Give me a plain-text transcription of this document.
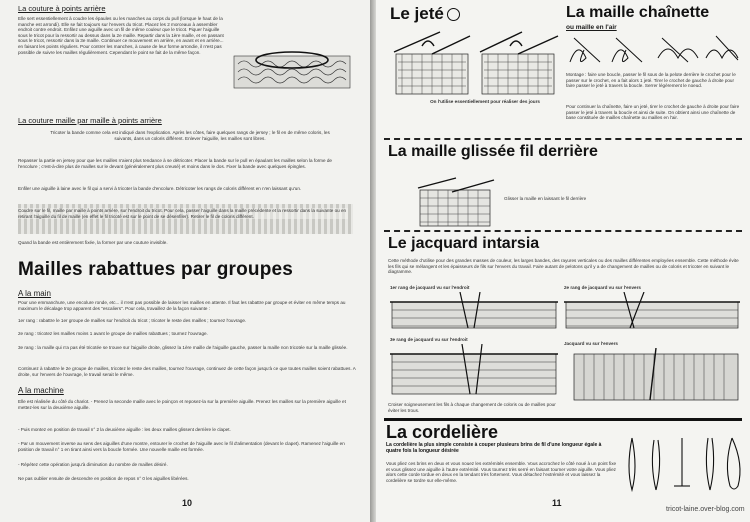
La couture à points arrière
Elle sert essentiellement à coudre les épaules ou les manches au corps du pull (lorsque le haut de la manche est arrondi). Elle se fait toujours sur l'envers du tricot. Placez les 2 morceaux à assembler endroit contre endroit. Enfilez une aiguille avec un fil de même couleur que le tricot. Piquer l'aiguille sous le tricot pour la ressortir au dessus dans la 2e maille. Repartir dans la 1ère maille, et en passant sous le tricot, ressortir dans la 3e maille. Continuer ce mouvement en arrière, en avant et en arrière... en faisant les points réguliers. Pour contrer les manches, à cause de leur forme arrondie, il n'est pas possible de suivre les mailles régulièrement. Cependant le point se fait de la même façon.
La couture maille par maille à points arrière
Tricoter la bande comme cela est indiqué dans l'explication. Après les côtes, faire quelques rangs de jersey ; le fil en de même coloris, les suivants, dans un coloris différent. Enlever l'aiguille, les mailles sont libres.
Repasser la partie en jersey pour que les mailles n'aient plus tendance à se détricoter. Placer la bande sur le pull en épaulant les mailles selon la forme de l'encolure ; c'est-à-dire plus de mailles sur le devant (généralement plus creusé) et moins dans le dos. Fixer la bande avec quelques épingles.
Enfiler une aiguille à laine avec le fil qui a servi à tricoter la bande d'encolure. Détricoter les rangs de coloris différent en n'en laissant qu'un.
Coudre sur le fil, maille par maille à points arrière, sur l'endroit du tricot. Pour cela, passer l'aiguille dans la maille précédente et la ressortir dans la suivante ou en retirant l'aiguille du fil de maille (en effet le fil tricoté est sur le point de se désenfiler). Retirer le fil de coloris différent.
Quand la bande est entièrement fixée, la former par une couture invisible.
Mailles rabattues par groupes
A la main
Pour une emmanchure, une encolure ronde, etc... il n'est pas possible de laisser les mailles en attente. Il faut les rabattre par groupe et éviter en même temps au maximum le décalage trop apparent des "escaliers". Pour cela, travaillez de la façon suivante :
1er rang : rabattre le 1er groupe de mailles sur l'endroit du tricot ; tricoter le reste des mailles ; tournez l'ouvrage.
2e rang : tricotez les mailles moins 1 avant le groupe de mailles rabattues ; tournez l'ouvrage.
3e rang : la maille qui n'a pas été tricotée se trouve sur l'aiguille droite, glissez la 1ère maille de l'aiguille gauche, passer la maille non tricotée sur la maille glissée.
Continuez à rabattre le 2e groupe de mailles, tricotez le reste des mailles, tournez l'ouvrage, continuez de cette façon jusqu'à ce que toutes mailles soient rabattues. A droite, sur l'envers de l'ouvrage, le travail serait le même.
A la machine
Elle est réalisée du côté du chariot. - Prenez la seconde maille avec le poinçon et reposez-la sur la première aiguille. Prenez les mailles sur la première aiguille et mettez-les sur la deuxième aiguille.
- Puis montez en position de travail n° 2 la deuxième aiguille : les deux mailles glissent derrière le clapet.
- Par un mouvement inverse au sens des aiguilles d'une montre, entourer le crochet de l'aiguille avec le fil d'alimentation (devant le clapet). Ramenez l'aiguille en position de travail n° 1 en tirant ainsi vers la boucle formée. Une nouvelle maille est formée.
- Répétez cette opération jusqu'à diminution du nombre de mailles désiré.
Ne pas oublier ensuite de descendre en position de repos n° 0 les aiguilles libérées.
10
Le jeté
On l'utilise essentiellement pour réaliser des jours
La maille chaînette
ou maille en l'air
Montage : faire une boucle, passer le fil sous de la pelote derrière le crochet pour le passer sur le crochet, en a fait alors 1 jeté. Tirer le crochet de gauche à droite pour faire passer le jeté à travers la boucle. Serrer légèrement le noeud.
Pour continuer la chaînette, faire un jeté, tirer le crochet de gauche à droite pour faire passer le jeté à travers la boucle et ainsi de suite. On obtient ainsi une chaînette de base constituée de mailles chaînette ou mailles en l'air.
La maille glissée fil derrière
Glisser la maille en laissant le fil derrière
Le jacquard intarsia
Cette méthode d'utilise pour des grandes masses de couleur, les larges bandes, des rayures verticales ou des mailles différentes employées ensemble. Cette méthode évite les fils qui se mélangent et les épaisseurs de fils sur l'envers du travail. Faire autant de pelotons qu'il y a de changement de mailles ou de coloris et tricoter en suivant le diagramme.
1er rang de jacquard vu sur l'endroit	2e rang de jacquard vu sur l'envers
3e rang de jacquard vu sur l'endroit
Jacquard vu sur l'envers
Croiser soigneusement les fils à chaque changement de coloris ou de mailles pour éviter les trous.
La cordelière
La cordelière la plus simple consiste à couper plusieurs brins de fil d'une longueur égale à quatre fois la longueur désirée
Vous pliez ces brins en deux et vous nouez les extrémités ensemble. Vous accrochez le côté noué à un point fixe et vous glissez une aiguille à l'autre extrémité. Vous tournez très serré en faisant tourner votre aiguille. Vous pliez alors cette corde tordue en deux en la tendant très fortement. Vous détachez l'extrémité et vous laissez la cordelière se tordre sur elle-même.
11
tricot-laine.over-blog.com
